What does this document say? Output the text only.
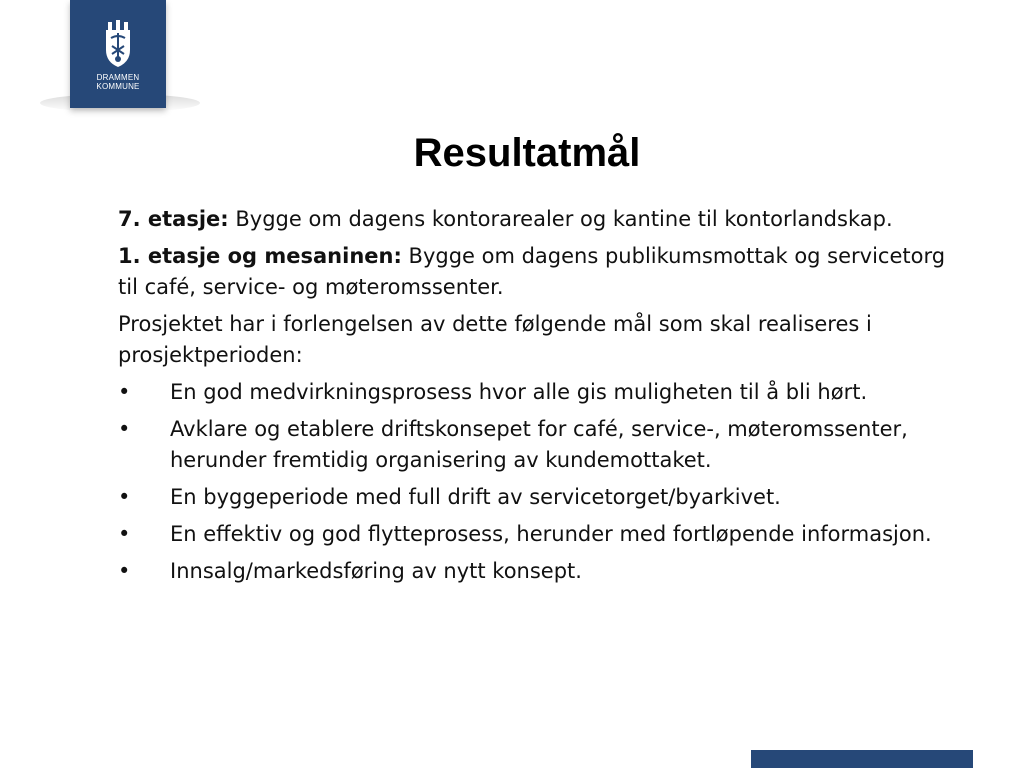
DRAMMEN
KOMMUNE
Resultatmål

7. etasje: Bygge om dagens kontorarealer og kantine til kontorlandskap.

1. etasje og mesaninen: Bygge om dagens publikumsmottak og servicetorg til café, service- og møteromssenter.

Prosjektet har i forlengelsen av dette følgende mål som skal realiseres i prosjektperioden:

•	En god medvirkningsprosess hvor alle gis muligheten til å bli hørt.
•	Avklare og etablere driftskonsepet for café, service-, møteromssenter, herunder fremtidig organisering av kundemottaket.
•	En byggeperiode med full drift av servicetorget/byarkivet.
•	En effektiv og god flytteprosess, herunder med fortløpende informasjon.
•	Innsalg/markedsføring av nytt konsept.
